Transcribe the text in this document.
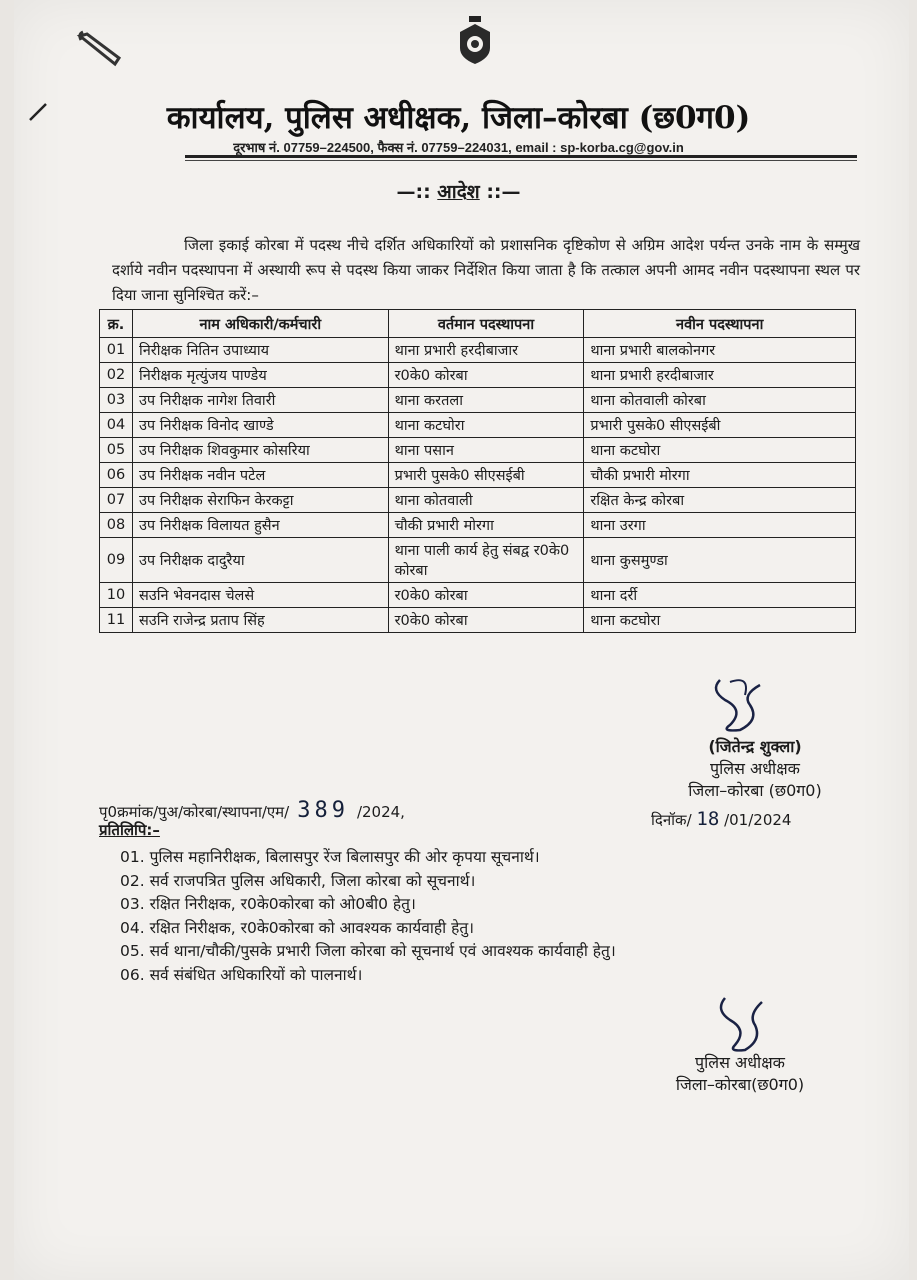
कार्यालय, पुलिस अधीक्षक, जिला–कोरबा (छ0ग0)
दूरभाष नं. 07759–224500, फैक्स नं. 07759–224031, email : sp-korba.cg@gov.in
—:: आदेश ::—
जिला इकाई कोरबा में पदस्थ नीचे दर्शित अधिकारियों को प्रशासनिक दृष्टिकोण से अग्रिम आदेश पर्यन्त उनके नाम के सम्मुख दर्शाये नवीन पदस्थापना में अस्थायी रूप से पदस्थ किया जाकर निर्देशित किया जाता है कि तत्काल अपनी आमद नवीन पदस्थापना स्थल पर दिया जाना सुनिश्चित करें:–
क्र.	नाम अधिकारी/कर्मचारी	वर्तमान पदस्थापना	नवीन पदस्थापना
01	निरीक्षक नितिन उपाध्याय	थाना प्रभारी हरदीबाजार	थाना प्रभारी बालकोनगर
02	निरीक्षक मृत्युंजय पाण्डेय	र0के0 कोरबा	थाना प्रभारी हरदीबाजार
03	उप निरीक्षक नागेश तिवारी	थाना करतला	थाना कोतवाली कोरबा
04	उप निरीक्षक विनोद खाण्डे	थाना कटघोरा	प्रभारी पुसके0 सीएसईबी
05	उप निरीक्षक शिवकुमार कोसरिया	थाना पसान	थाना कटघोरा
06	उप निरीक्षक नवीन पटेल	प्रभारी पुसके0 सीएसईबी	चौकी प्रभारी मोरगा
07	उप निरीक्षक सेराफिन केरकट्टा	थाना कोतवाली	रक्षित केन्द्र कोरबा
08	उप निरीक्षक विलायत हुसैन	चौकी प्रभारी मोरगा	थाना उरगा
09	उप निरीक्षक दादुरैया	थाना पाली कार्य हेतु संबद्व र0के0 कोरबा	थाना कुसमुण्डा
10	सउनि भेवनदास चेलसे	र0के0 कोरबा	थाना दर्री
11	सउनि राजेन्द्र प्रताप सिंह	र0के0 कोरबा	थाना कटघोरा
(जितेन्द्र शुक्ला)
पुलिस अधीक्षक
जिला–कोरबा (छ0ग0)
पृ0क्रमांक/पुअ/कोरबा/स्थापना/एम/ 389 /2024,	दिनॉक/ 18 /01/2024
प्रतिलिपि:–
01. पुलिस महानिरीक्षक, बिलासपुर रेंज बिलासपुर की ओर कृपया सूचनार्थ।
02. सर्व राजपत्रित पुलिस अधिकारी, जिला कोरबा को सूचनार्थ।
03. रक्षित निरीक्षक, र0के0कोरबा को ओ0बी0 हेतु।
04. रक्षित निरीक्षक, र0के0कोरबा को आवश्यक कार्यवाही हेतु।
05. सर्व थाना/चौकी/पुसके प्रभारी जिला कोरबा को सूचनार्थ एवं आवश्यक कार्यवाही हेतु।
06. सर्व संबंधित अधिकारियों को पालनार्थ।
पुलिस अधीक्षक
जिला–कोरबा(छ0ग0)
